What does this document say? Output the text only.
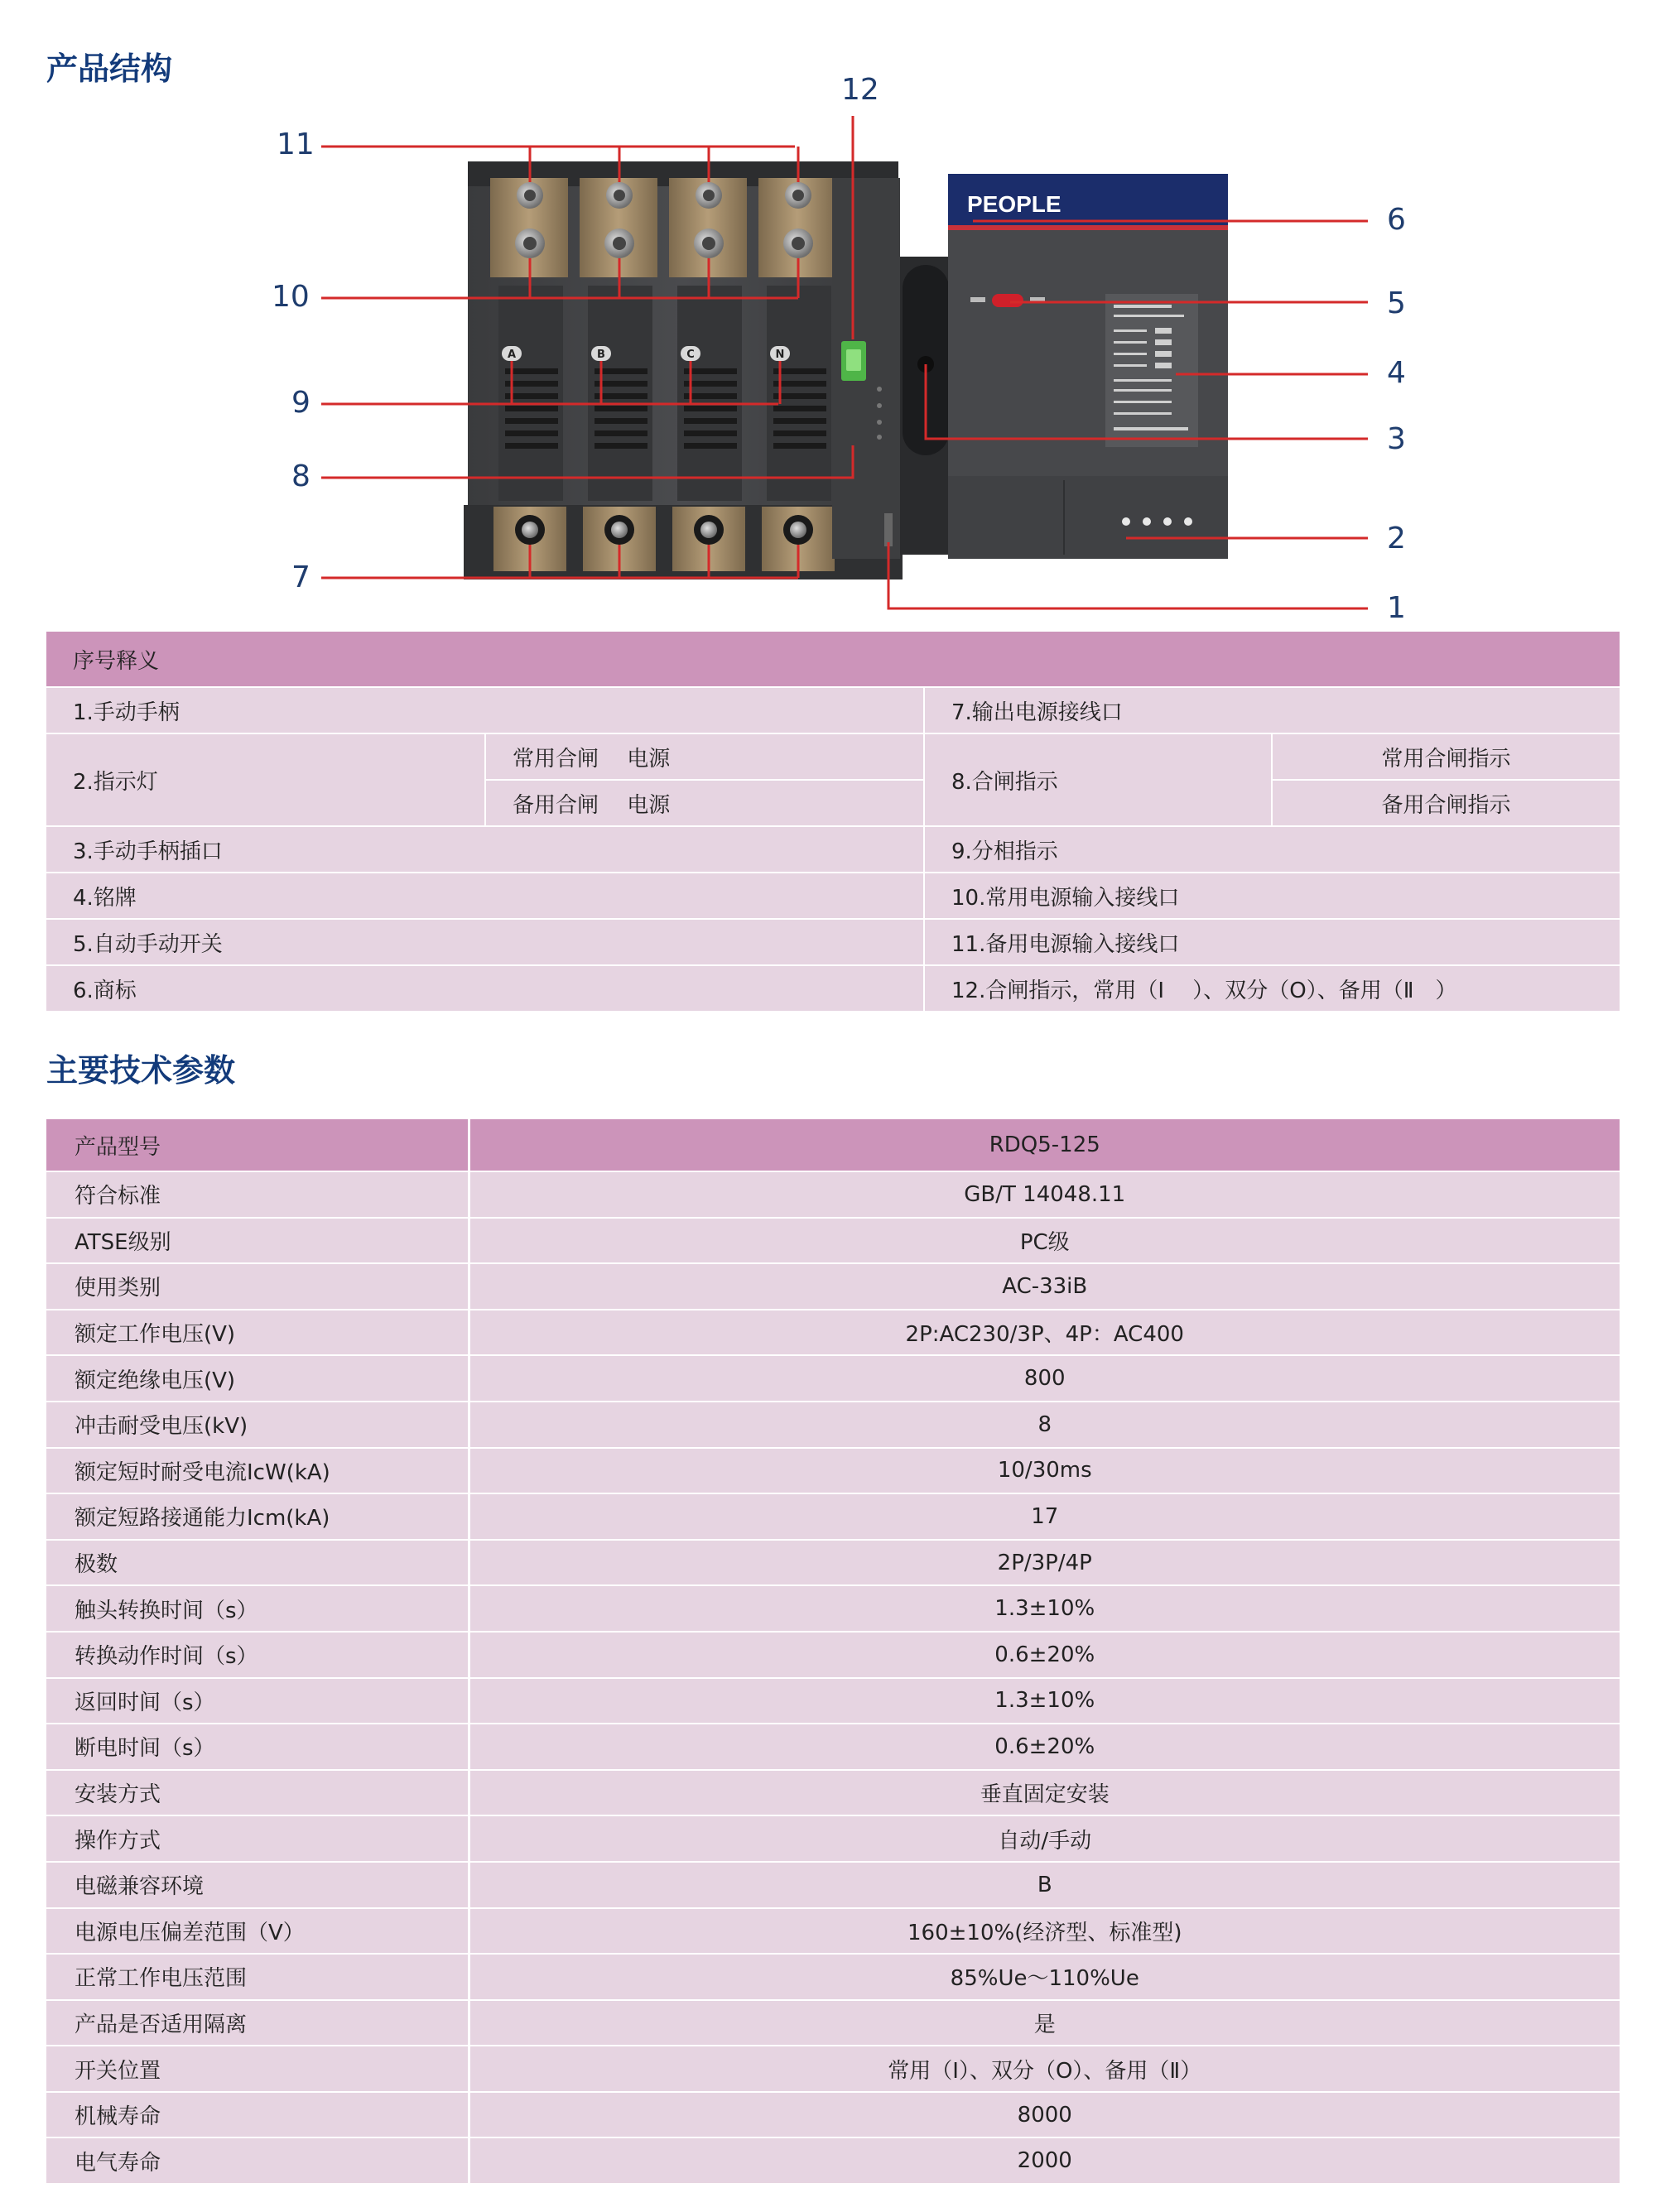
产品结构
A	B	C	N
PEOPLE
12
11
10
9
8
7
6
5
4
3
2
1
序号释义			
1.手动手柄		7.输出电源接线口	
2.指示灯	常用合闸　 电源	8.合闸指示	常用合闸指示
	备用合闸　 电源		备用合闸指示
3.手动手柄插口		9.分相指示	
4.铭牌		10.常用电源输入接线口	
5.自动手动开关		11.备用电源输入接线口	
6.商标		12.合闸指示，常用（Ⅰ　 ）、双分（O）、备用（Ⅱ　）	
主要技术参数
产品型号	RDQ5-125
符合标准	GB/T 14048.11
ATSE级别	PC级
使用类别	AC-33iB
额定工作电压(V)	2P:AC230/3P、4P：AC400
额定绝缘电压(V)	800
冲击耐受电压(kV)	8
额定短时耐受电流IcW(kA)	10/30ms
额定短路接通能力Icm(kA)	17
极数	2P/3P/4P
触头转换时间（s）	1.3±10%
转换动作时间（s）	0.6±20%
返回时间（s）	1.3±10%
断电时间（s）	0.6±20%
安装方式	垂直固定安装
操作方式	自动/手动
电磁兼容环境	B
电源电压偏差范围（V）	160±10%(经济型、标准型)
正常工作电压范围	85%Ue～110%Ue
产品是否适用隔离	是
开关位置	常用（Ⅰ）、双分（O）、备用（Ⅱ）
机械寿命	8000
电气寿命	2000
